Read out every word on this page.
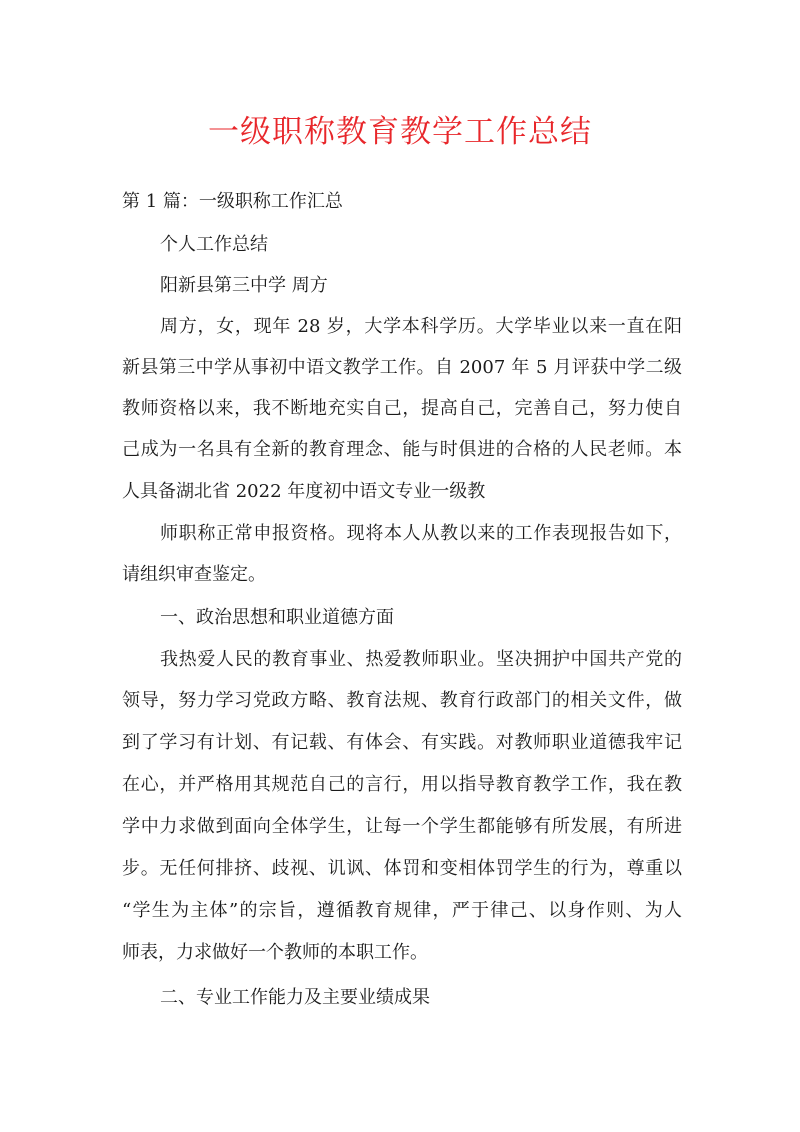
一级职称教育教学工作总结
第 1 篇：一级职称工作汇总
个人工作总结
阳新县第三中学 周方
周方，女，现年 28 岁，大学本科学历。大学毕业以来一直在阳
新县第三中学从事初中语文教学工作。自 2007 年 5 月评获中学二级
教师资格以来，我不断地充实自己，提高自己，完善自己，努力使自
己成为一名具有全新的教育理念、能与时俱进的合格的人民老师。本
人具备湖北省 2022 年度初中语文专业一级教
师职称正常申报资格。现将本人从教以来的工作表现报告如下，
请组织审查鉴定。
一、政治思想和职业道德方面
我热爱人民的教育事业、热爱教师职业。坚决拥护中国共产党的
领导，努力学习党政方略、教育法规、教育行政部门的相关文件，做
到了学习有计划、有记载、有体会、有实践。对教师职业道德我牢记
在心，并严格用其规范自己的言行，用以指导教育教学工作，我在教
学中力求做到面向全体学生，让每一个学生都能够有所发展，有所进
步。无任何排挤、歧视、讥讽、体罚和变相体罚学生的行为，尊重以
“学生为主体”的宗旨，遵循教育规律，严于律己、以身作则、为人
师表，力求做好一个教师的本职工作。
二、专业工作能力及主要业绩成果
